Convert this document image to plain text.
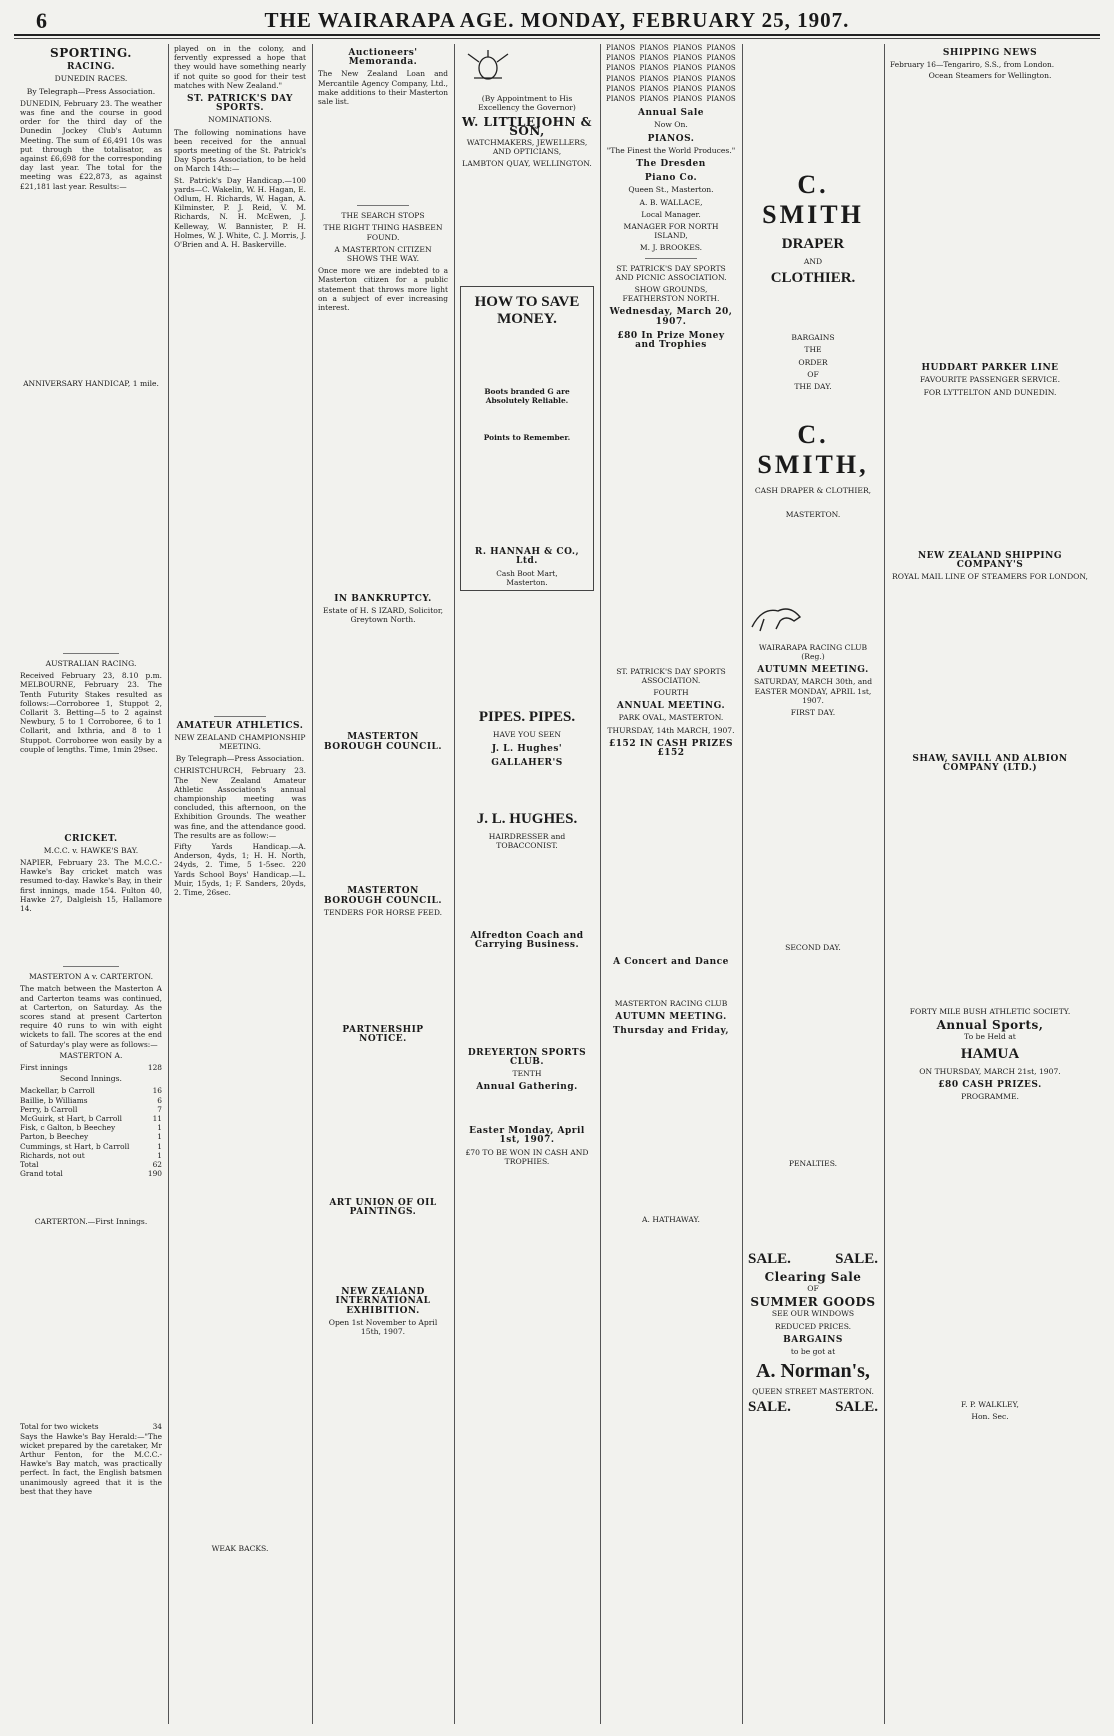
6	THE WAIRARAPA AGE. MONDAY, FEBRUARY 25, 1907.
SPORTING.
RACING.
DUNEDIN RACES.
By Telegraph—Press Association.

DUNEDIN, February 23. The weather was fine and the course in good order for the third day of the Dunedin Jockey Club's Autumn Meeting. The sum of £6,491 10s was put through the totalisator, as against £6,698 for the corresponding day last year. The total for the meeting was £22,873, as against £21,181 last year. Results:—

ANNIVERSARY HANDICAP, 1 mile.
AUSTRALIAN RACING.

Received February 23, 8.10 p.m. MELBOURNE, February 23. The Tenth Futurity Stakes resulted as follows:—Corroboree 1, Stuppot 2, Collarit 3. Betting—5 to 2 against Newbury, 5 to 1 Corroboree, 6 to 1 Collarit, and Ixthria, and 8 to 1 Stuppot. Corroboree won easily by a couple of lengths. Time, 1min 29sec.

CRICKET.
M.C.C. v. HAWKE'S BAY.

NAPIER, February 23. The M.C.C.-Hawke's Bay cricket match was resumed to-day. Hawke's Bay, in their first innings, made 154. Fulton 40, Hawke 27, Dalgleish 15, Hallamore 14.

MASTERTON A v. CARTERTON.

The match between the Masterton A and Carterton teams was continued, at Carterton, on Saturday. As the scores stand at present Carterton require 40 runs to win with eight wickets to fall. The scores at the end of Saturday's play were as follows:—

MASTERTON A.
First innings	128
Second Innings.
Mackellar, b Carroll	16
Baillie, b Williams	6
Perry, b Carroll	7
McGuirk, st Hart, b Carroll	11
Fisk, c Galton, b Beechey	1
Parton, b Beechey	1
Cummings, st Hart, b Carroll	1
Richards, not out	1
Total	62
Grand total	190
CARTERTON.—First Innings.
Total for two wickets	34

Says the Hawke's Bay Herald:—"The wicket prepared by the caretaker, Mr Arthur Fenton, for the M.C.C.-Hawke's Bay match, was practically perfect. In fact, the English batsmen unanimously agreed that it is the best that they have

played on in the colony, and fervently expressed a hope that they would have something nearly if not quite so good for their test matches with New Zealand."

ST. PATRICK'S DAY SPORTS.
NOMINATIONS.

The following nominations have been received for the annual sports meeting of the St. Patrick's Day Sports Association, to be held on March 14th:—

St. Patrick's Day Handicap.—100 yards—C. Wakelin, W. H. Hagan, E. Odlum, H. Richards, W. Hagan, A. Kilminster, P. J. Reid, V. M. Richards, N. H. McEwen, J. Kelleway, W. Bannister, P. H. Holmes, W. J. White, C. J. Morris, J. O'Brien and A. H. Baskerville.

AMATEUR ATHLETICS.
NEW ZEALAND CHAMPIONSHIP MEETING.
By Telegraph—Press Association.

CHRISTCHURCH, February 23. The New Zealand Amateur Athletic Association's annual championship meeting was concluded, this afternoon, on the Exhibition Grounds. The weather was fine, and the attendance good. The results are as follow:—

Fifty Yards Handicap.—A. Anderson, 4yds, 1; H. H. North, 24yds, 2. Time, 5 1-5sec. 220 Yards School Boys' Handicap.—L. Muir, 15yds, 1; F. Sanders, 20yds, 2. Time, 26sec.

WEAK BACKS.
Auctioneers' Memoranda.

The New Zealand Loan and Mercantile Agency Company, Ltd., make additions to their Masterton sale list.

THE SEARCH STOPS
THE RIGHT THING HASBEEN FOUND.
A MASTERTON CITIZEN SHOWS THE WAY.

Once more we are indebted to a Masterton citizen for a public statement that throws more light on a subject of ever increasing interest.

IN BANKRUPTCY.
Estate of H. S IZARD, Solicitor, Greytown North.
MASTERTON BOROUGH COUNCIL.
MASTERTON BOROUGH COUNCIL.
TENDERS FOR HORSE FEED.
PARTNERSHIP NOTICE.
ART UNION OF OIL PAINTINGS.
NEW ZEALAND INTERNATIONAL EXHIBITION.
Open 1st November to April 15th, 1907.
(By Appointment to His Excellency the Governor)
W. LITTLEJOHN & SON,
WATCHMAKERS, JEWELLERS, AND OPTICIANS,
LAMBTON QUAY, WELLINGTON.
HOW TO SAVE MONEY.
Boots branded G are Absolutely Reliable.
Points to Remember.
R. HANNAH & CO., Ltd.
Cash Boot Mart,
Masterton.
PIPES. PIPES.
HAVE YOU SEEN
J. L. Hughes'
GALLAHER'S
J. L. HUGHES.
HAIRDRESSER and TOBACCONIST.
Alfredton Coach and Carrying Business.
DREYERTON SPORTS CLUB.
TENTH
Annual Gathering.
Easter Monday, April 1st, 1907.
£70 TO BE WON IN CASH AND TROPHIES.
PIANOS PIANOS PIANOS PIANOS
PIANOS PIANOS PIANOS PIANOS
PIANOS PIANOS PIANOS PIANOS
PIANOS PIANOS PIANOS PIANOS
PIANOS PIANOS PIANOS PIANOS
PIANOS PIANOS PIANOS PIANOS
Annual Sale
Now On.
PIANOS.
"The Finest the World Produces."
The Dresden
Piano Co.
Queen St., Masterton.
A. B. WALLACE,
Local Manager.
MANAGER FOR NORTH ISLAND,
M. J. BROOKES.
ST. PATRICK'S DAY SPORTS AND PICNIC ASSOCIATION.
SHOW GROUNDS, FEATHERSTON NORTH.
Wednesday, March 20, 1907.
£80 In Prize Money and Trophies
ST. PATRICK'S DAY SPORTS ASSOCIATION.
FOURTH
ANNUAL MEETING.
PARK OVAL, MASTERTON.
THURSDAY, 14th MARCH, 1907.
£152 IN CASH PRIZES £152
A Concert and Dance
MASTERTON RACING CLUB
AUTUMN MEETING.
Thursday and Friday,
A. HATHAWAY.
C. SMITH
DRAPER
AND
CLOTHIER.
BARGAINS
THE
ORDER
OF
THE DAY.
C. SMITH,
CASH DRAPER & CLOTHIER,
MASTERTON.
WAIRARAPA RACING CLUB (Reg.)
AUTUMN MEETING.
SATURDAY, MARCH 30th, and EASTER MONDAY, APRIL 1st, 1907.
FIRST DAY.
SECOND DAY.
PENALTIES.
SALE.	SALE.
Clearing Sale
OF
SUMMER GOODS
SEE OUR WINDOWS
REDUCED PRICES.
BARGAINS
to be got at
A. Norman's,
QUEEN STREET MASTERTON.
SALE.	SALE.
SHIPPING NEWS

February 16—Tengariro, S.S., from London.

Ocean Steamers for Wellington.
HUDDART PARKER LINE
FAVOURITE PASSENGER SERVICE.
FOR LYTTELTON AND DUNEDIN.
NEW ZEALAND SHIPPING COMPANY'S
ROYAL MAIL LINE OF STEAMERS FOR LONDON,
SHAW, SAVILL AND ALBION COMPANY (LTD.)
FORTY MILE BUSH ATHLETIC SOCIETY.
Annual Sports,
To be Held at
HAMUA
ON THURSDAY, MARCH 21st, 1907.
£80 CASH PRIZES.
PROGRAMME.
F. P. WALKLEY,
Hon. Sec.
